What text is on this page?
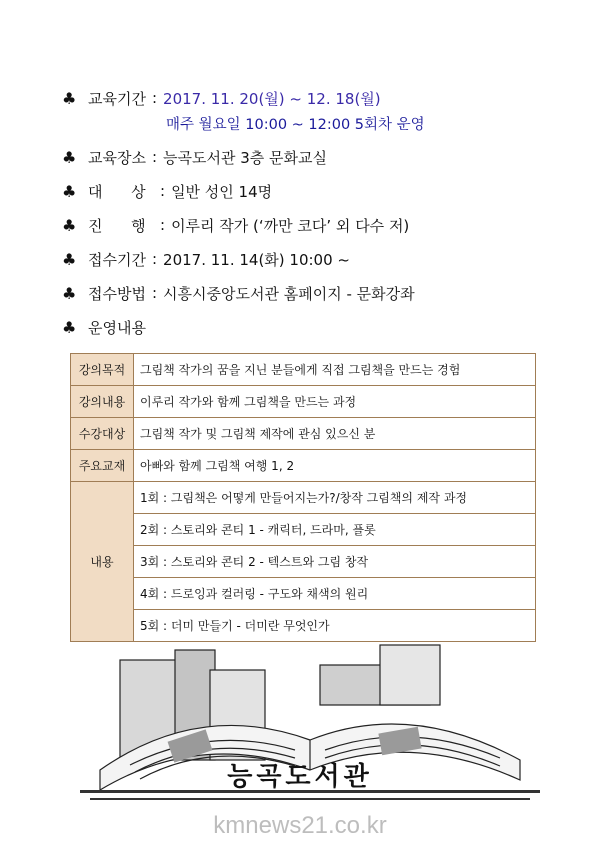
♣ 교육기간 : 2017. 11. 20(월) ~ 12. 18(월)
매주 월요일 10:00 ~ 12:00 5회차 운영
♣ 교육장소 : 능곡도서관 3층 문화교실
♣ 대      상 : 일반 성인 14명
♣ 진      행 : 이루리 작가 (‘까만 코다’ 외 다수 저)
♣ 접수기간 : 2017. 11. 14(화) 10:00 ~
♣ 접수방법 : 시흥시중앙도서관 홈페이지 - 문화강좌
♣ 운영내용
강의목적	그림책 작가의 꿈을 지닌 분들에게 직접 그림책을 만드는 경험
강의내용	이루리 작가와 함께 그림책을 만드는 과정
수강대상	그림책 작가 및 그림책 제작에 관심 있으신 분
주요교재	아빠와 함께 그림책 여행 1, 2
내용	1회 : 그림책은 어떻게 만들어지는가?/창작 그림책의 제작 과정
	2회 : 스토리와 콘티 1 - 캐릭터, 드라마, 플롯
	3회 : 스토리와 콘티 2 - 텍스트와 그림 창작
	4회 : 드로잉과 컬러링 - 구도와 채색의 원리
	5회 : 더미 만들기 - 더미란 무엇인가
능곡도서관
kmnews21.co.kr
